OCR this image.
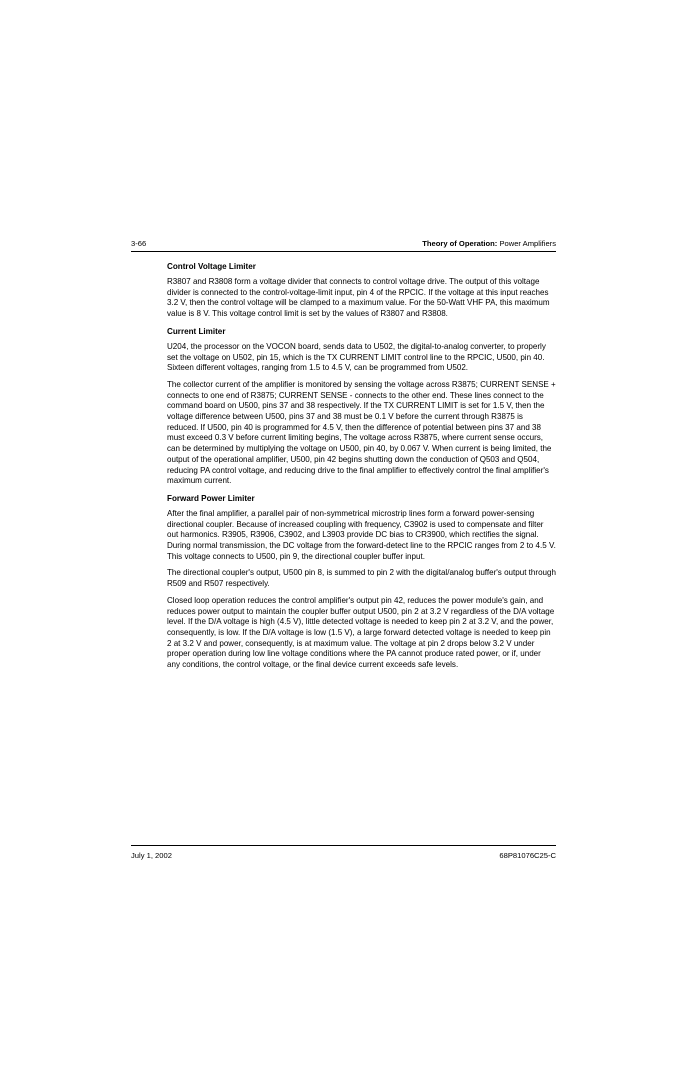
3-66	Theory of Operation: Power Amplifiers
Control Voltage Limiter

R3807 and R3808 form a voltage divider that connects to control voltage drive. The output of this voltage divider is connected to the control-voltage-limit input, pin 4 of the RPCIC. If the voltage at this input reaches 3.2 V, then the control voltage will be clamped to a maximum value. For the 50-Watt VHF PA, this maximum value is 8 V. This voltage control limit is set by the values of R3807 and R3808.

Current Limiter

U204, the processor on the VOCON board, sends data to U502, the digital-to-analog converter, to properly set the voltage on U502, pin 15, which is the TX CURRENT LIMIT control line to the RPCIC, U500, pin 40. Sixteen different voltages, ranging from 1.5 to 4.5 V, can be programmed from U502.

The collector current of the amplifier is monitored by sensing the voltage across R3875; CURRENT SENSE + connects to one end of R3875; CURRENT SENSE - connects to the other end. These lines connect to the command board on U500, pins 37 and 38 respectively. If the TX CURRENT LIMIT is set for 1.5 V, then the voltage difference between U500, pins 37 and 38 must be 0.1 V before the current through R3875 is reduced. If U500, pin 40 is programmed for 4.5 V, then the difference of potential between pins 37 and 38 must exceed 0.3 V before current limiting begins, The voltage across R3875, where current sense occurs, can be determined by multiplying the voltage on U500, pin 40, by 0.067 V. When current is being limited, the output of the operational amplifier, U500, pin 42 begins shutting down the conduction of Q503 and Q504, reducing PA control voltage, and reducing drive to the final amplifier to effectively control the final amplifier's maximum current.

Forward Power Limiter

After the final amplifier, a parallel pair of non-symmetrical microstrip lines form a forward power-sensing directional coupler. Because of increased coupling with frequency, C3902 is used to compensate and filter out harmonics. R3905, R3906, C3902, and L3903 provide DC bias to CR3900, which rectifies the signal. During normal transmission, the DC voltage from the forward-detect line to the RPCIC ranges from 2 to 4.5 V. This voltage connects to U500, pin 9, the directional coupler buffer input.

The directional coupler's output, U500 pin 8, is summed to pin 2 with the digital/analog buffer's output through R509 and R507 respectively.

Closed loop operation reduces the control amplifier's output pin 42, reduces the power module's gain, and reduces power output to maintain the coupler buffer output U500, pin 2 at 3.2 V regardless of the D/A voltage level. If the D/A voltage is high (4.5 V), little detected voltage is needed to keep pin 2 at 3.2 V, and the power, consequently, is low. If the D/A voltage is low (1.5 V), a large forward detected voltage is needed to keep pin 2 at 3.2 V and power, consequently, is at maximum value. The voltage at pin 2 drops below 3.2 V under proper operation during low line voltage conditions where the PA cannot produce rated power, or if, under any conditions, the control voltage, or the final device current exceeds safe levels.

July 1, 2002	68P81076C25-C
